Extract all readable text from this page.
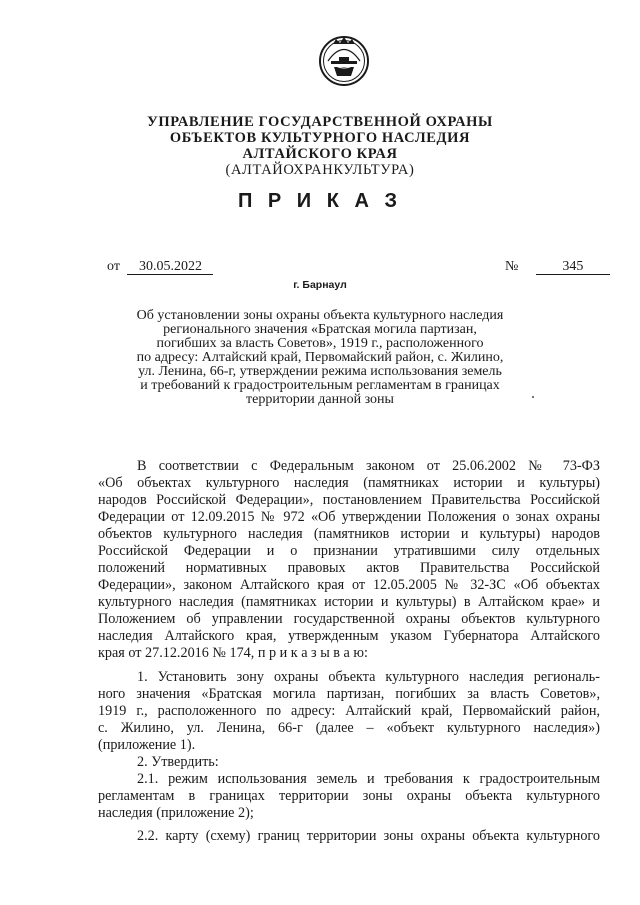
УПРАВЛЕНИЕ ГОСУДАРСТВЕННОЙ ОХРАНЫ
ОБЪЕКТОВ КУЛЬТУРНОГО НАСЛЕДИЯ
АЛТАЙСКОГО КРАЯ
(АЛТАЙОХРАНКУЛЬТУРА)
П Р И К А З
от 30.05.2022	№	345
г. Барнаул
Об установлении зоны охраны объекта культурного наследия
регионального значения «Братская могила партизан,
погибших за власть Советов», 1919 г., расположенного
по адресу: Алтайский край, Первомайский район, с. Жилино,
ул. Ленина, 66-г, утверждении режима использования земель
и требований к градостроительным регламентам в границах
территории данной зоны
В соответствии с Федеральным законом от 25.06.2002 № 73-ФЗ
«Об объектах культурного наследия (памятниках истории и культуры)
народов Российской Федерации», постановлением Правительства Российской
Федерации от 12.09.2015 № 972 «Об утверждении Положения о зонах охраны
объектов культурного наследия (памятников истории и культуры) народов
Российской Федерации и о признании утратившими силу отдельных
положений нормативных правовых актов Правительства Российской
Федерации», законом Алтайского края от 12.05.2005 № 32-ЗС «Об объектах
культурного наследия (памятниках истории и культуры) в Алтайском крае» и
Положением об управлении государственной охраны объектов культурного
наследия Алтайского края, утвержденным указом Губернатора Алтайского
края от 27.12.2016 № 174, п р и к а з ы в а ю:
1. Установить зону охраны объекта культурного наследия региональ-
ного значения «Братская могила партизан, погибших за власть Советов»,
1919 г., расположенного по адресу: Алтайский край, Первомайский район,
с. Жилино, ул. Ленина, 66-г (далее – «объект культурного наследия»)
(приложение 1).
2. Утвердить:
2.1. режим использования земель и требования к градостроительным
регламентам в границах территории зоны охраны объекта культурного
наследия (приложение 2);
2.2. карту (схему) границ территории зоны охраны объекта культурного
